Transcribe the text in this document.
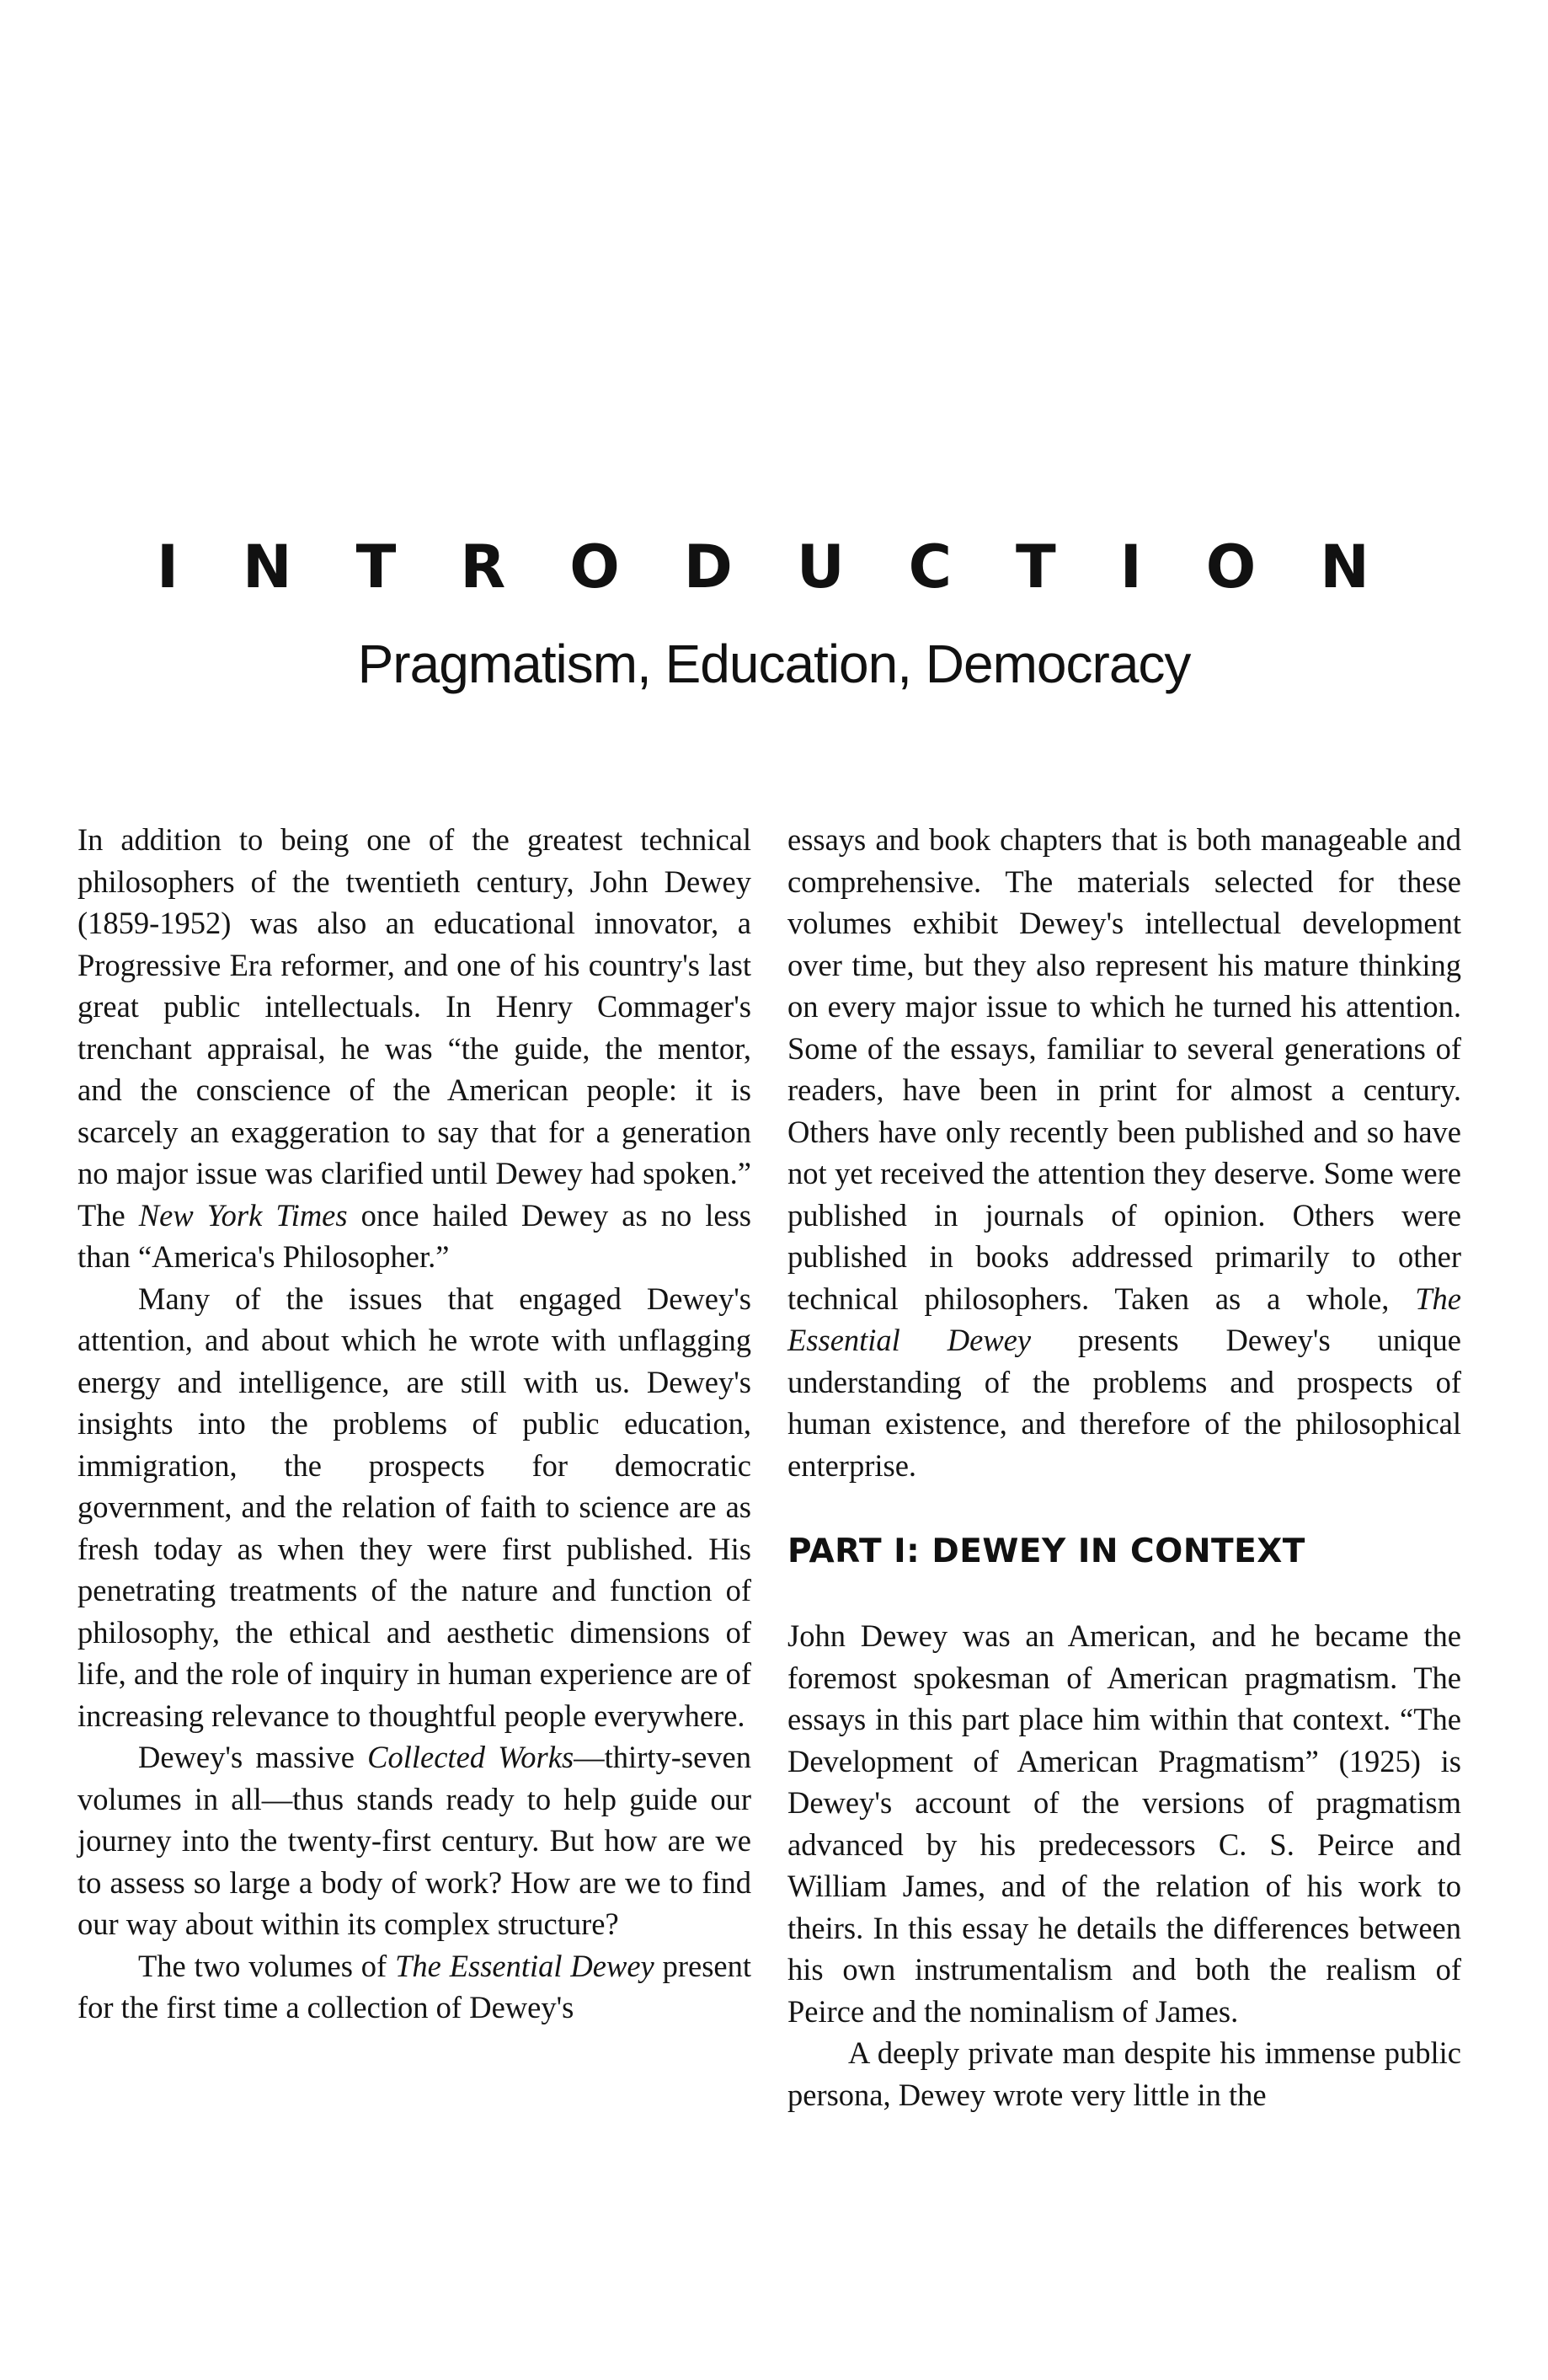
I N T R O D U C T I O N
Pragmatism, Education, Democracy

In addition to being one of the greatest technical philosophers of the twentieth century, John Dewey (1859-1952) was also an educational innovator, a Progressive Era reformer, and one of his country's last great public intellectuals. In Henry Commager's trenchant appraisal, he was “the guide, the mentor, and the conscience of the American people: it is scarcely an exaggeration to say that for a generation no major issue was clarified until Dewey had spoken.” The New York Times once hailed Dewey as no less than “America's Philosopher.”

Many of the issues that engaged Dewey's attention, and about which he wrote with unflagging energy and intelligence, are still with us. Dewey's insights into the problems of public education, immigration, the prospects for democratic government, and the relation of faith to science are as fresh today as when they were first published. His penetrating treatments of the nature and function of philosophy, the ethical and aesthetic dimensions of life, and the role of inquiry in human experience are of increasing relevance to thoughtful people everywhere.

Dewey's massive Collected Works—thirty-seven volumes in all—thus stands ready to help guide our journey into the twenty-first century. But how are we to assess so large a body of work? How are we to find our way about within its complex structure?

The two volumes of The Essential Dewey present for the first time a collection of Dewey's

essays and book chapters that is both manageable and comprehensive. The materials selected for these volumes exhibit Dewey's intellectual development over time, but they also represent his mature thinking on every major issue to which he turned his attention. Some of the essays, familiar to several generations of readers, have been in print for almost a century. Others have only recently been published and so have not yet received the attention they deserve. Some were published in journals of opinion. Others were published in books addressed primarily to other technical philosophers. Taken as a whole, The Essential Dewey presents Dewey's unique understanding of the problems and prospects of human existence, and therefore of the philosophical enterprise.

PART I: DEWEY IN CONTEXT

John Dewey was an American, and he became the foremost spokesman of American pragmatism. The essays in this part place him within that context. “The Development of American Pragmatism” (1925) is Dewey's account of the versions of pragmatism advanced by his predecessors C. S. Peirce and William James, and of the relation of his work to theirs. In this essay he details the differences between his own instrumentalism and both the realism of Peirce and the nominalism of James.

A deeply private man despite his immense public persona, Dewey wrote very little in the
